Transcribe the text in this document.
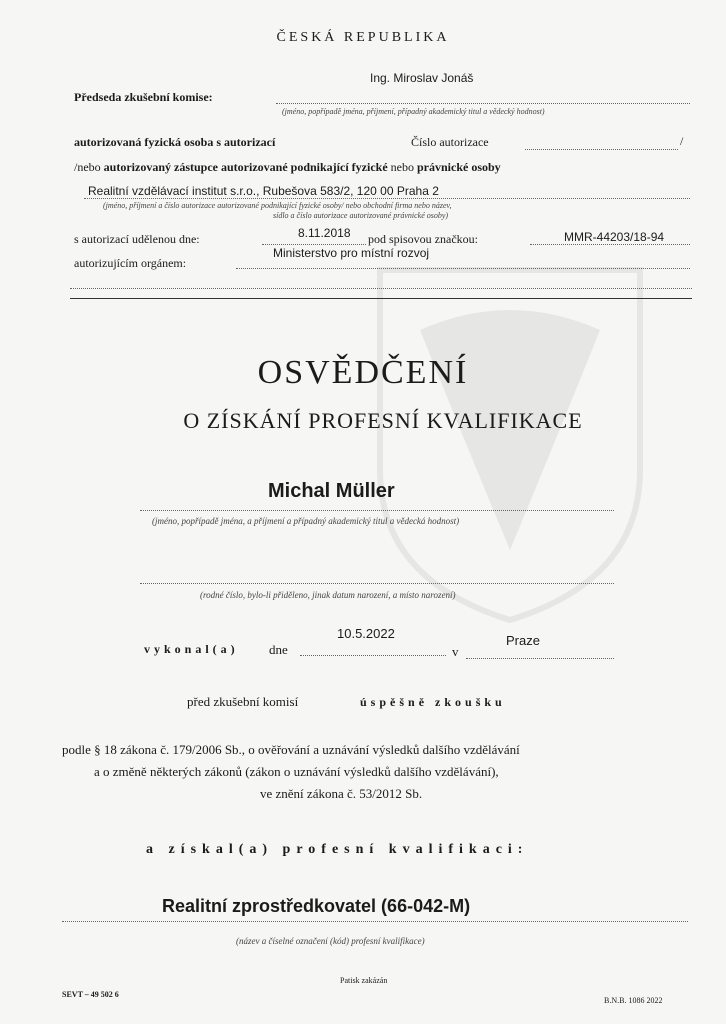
ČESKÁ REPUBLIKA
Ing. Miroslav Jonáš
Předseda zkušební komise:
(jméno, popřípadě jména, příjmení, případný akademický titul a vědecký hodnost)
autorizovaná fyzická osoba s autorizací	Číslo autorizace	/
/nebo autorizovaný zástupce autorizované podnikající fyzické nebo právnické osoby
Realitní vzdělávací institut s.r.o., Rubešova 583/2, 120 00 Praha 2
(jméno, příjmení a číslo autorizace autorizované podnikající fyzické osoby/ nebo obchodní firma nebo název,
sídlo a číslo autorizace autorizované právnické osoby)
s autorizací udělenou dne:	8.11.2018 pod spisovou značkou:	MMR-44203/18-94
autorizujícím orgánem:
Ministerstvo pro místní rozvoj
OSVĚDČENÍ
O ZÍSKÁNÍ PROFESNÍ KVALIFIKACE
Michal Müller
(jméno, popřípadě jména, a příjmení a případný akademický titul a vědecká hodnost)
(rodné číslo, bylo-li přiděleno, jinak datum narození, a místo narození)
vykonal(a) dne
10.5.2022
v
Praze
před zkušební komisí	úspěšně zkoušku
podle § 18 zákona č. 179/2006 Sb., o ověřování a uznávání výsledků dalšího vzdělávání
a o změně některých zákonů (zákon o uznávání výsledků dalšího vzdělávání),
ve znění zákona č. 53/2012 Sb.
a získal(a) profesní kvalifikaci:
Realitní zprostředkovatel (66-042-M)
(název a číselné označení (kód) profesní kvalifikace)
Patisk zakázán
SEVT – 49 502 6
B.N.B. 1086 2022
